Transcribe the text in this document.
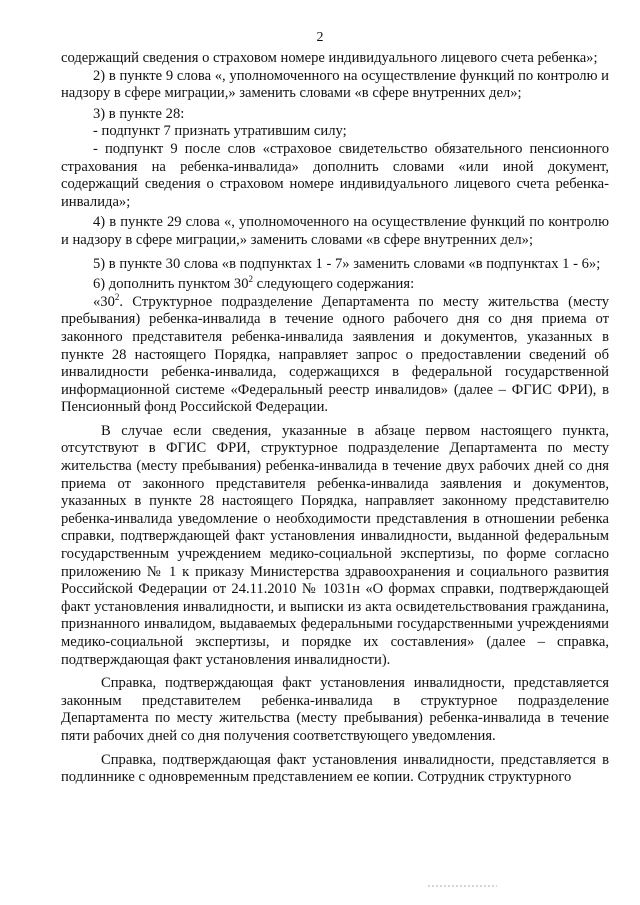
2

содержащий сведения о страховом номере индивидуального лицевого счета ребенка»;

2) в пункте 9 слова «, уполномоченного на осуществление функций по контролю и надзору в сфере миграции,» заменить словами «в сфере внутренних дел»;

3) в пункте 28:

- подпункт 7 признать утратившим силу;

- подпункт 9 после слов «страховое свидетельство обязательного пенсионного страхования на ребенка-инвалида» дополнить словами «или иной документ, содержащий сведения о страховом номере индивидуального лицевого счета ребенка-инвалида»;

4) в пункте 29 слова «, уполномоченного на осуществление функций по контролю и надзору в сфере миграции,» заменить словами «в сфере внутренних дел»;

5) в пункте 30 слова «в подпунктах 1 - 7» заменить словами «в подпунктах 1 - 6»;

6) дополнить пунктом $30^2$ следующего содержания:

«$30^2$. Структурное подразделение Департамента по месту жительства (месту пребывания) ребенка-инвалида в течение одного рабочего дня со дня приема от законного представителя ребенка-инвалида заявления и документов, указанных в пункте 28 настоящего Порядка, направляет запрос о предоставлении сведений об инвалидности ребенка-инвалида, содержащихся в федеральной государственной информационной системе «Федеральный реестр инвалидов» (далее – ФГИС ФРИ), в Пенсионный фонд Российской Федерации.

В случае если сведения, указанные в абзаце первом настоящего пункта, отсутствуют в ФГИС ФРИ, структурное подразделение Департамента по месту жительства (месту пребывания) ребенка-инвалида в течение двух рабочих дней со дня приема от законного представителя ребенка-инвалида заявления и документов, указанных в пункте 28 настоящего Порядка, направляет законному представителю ребенка-инвалида уведомление о необходимости представления в отношении ребенка справки, подтверждающей факт установления инвалидности, выданной федеральным государственным учреждением медико-социальной экспертизы, по форме согласно приложению № 1 к приказу Министерства здравоохранения и социального развития Российской Федерации от 24.11.2010 № 1031н «О формах справки, подтверждающей факт установления инвалидности, и выписки из акта освидетельствования гражданина, признанного инвалидом, выдаваемых федеральными государственными учреждениями медико-социальной экспертизы, и порядке их составления» (далее – справка, подтверждающая факт установления инвалидности).

Справка, подтверждающая факт установления инвалидности, представляется законным представителем ребенка-инвалида в структурное подразделение Департамента по месту жительства (месту пребывания) ребенка-инвалида в течение пяти рабочих дней со дня получения соответствующего уведомления.

Справка, подтверждающая факт установления инвалидности, представляется в подлиннике с одновременным представлением ее копии. Сотрудник структурного
